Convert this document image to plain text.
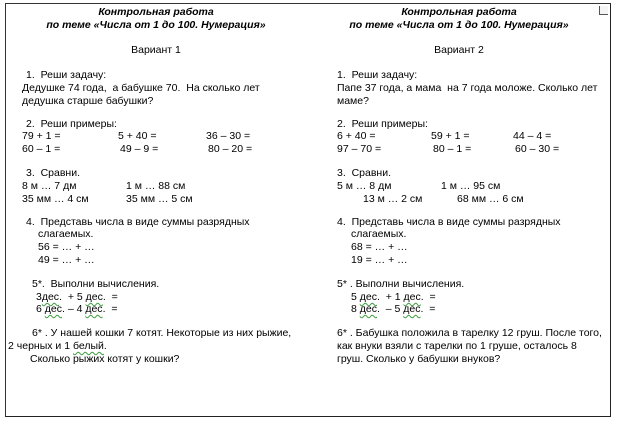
Контрольная работа
по теме «Числа от 1 до 100. Нумерация»
Вариант 1
1.  Реши задачу:
Дедушке 74 года,  а бабушке 70.  На сколько лет
дедушка старше бабушки?
2.  Реши примеры:
79 + 1 =	5 + 40 =	36 – 30 =
60 – 1 =	49 – 9 =	80 – 20 =
3.  Сравни.
8 м … 7 дм	1 м … 88 см
35 мм … 4 см	35 мм … 5 см
4.  Представь числа в виде суммы разрядных
слагаемых.
56 = … + …
49 = … + …
5*.  Выполни вычисления.
3дес.  + 5 дес.  =
6 дес. – 4 дес.  =
6* . У нашей кошки 7 котят. Некоторые из них рыжие,
2 черных и 1 белый.
Сколько рыжих котят у кошки?
Контрольная работа
по теме «Числа от 1 до 100. Нумерация»
Вариант 2
1.  Реши задачу:
Папе 37 года, а мама  на 7 года моложе. Сколько лет
маме?
2.  Реши примеры:
6 + 40 =	59 + 1 =	44 – 4 =
97 – 70 =	80 – 1 =	60 – 30 =
3.  Сравни.
5 м … 8 дм	1 м … 95 см
13 м … 2 см	68 мм … 6 см
4.  Представь числа в виде суммы разрядных
слагаемых.
68 = … + …
19 = … + …
5* . Выполни вычисления.
5 дес.  + 1 дес.  =
8 дес.  – 5 дес.  =
6* . Бабушка положила в тарелку 12 груш. После того,
как внуки взяли с тарелки по 1 груше, осталось 8
груш. Сколько у бабушки внуков?
